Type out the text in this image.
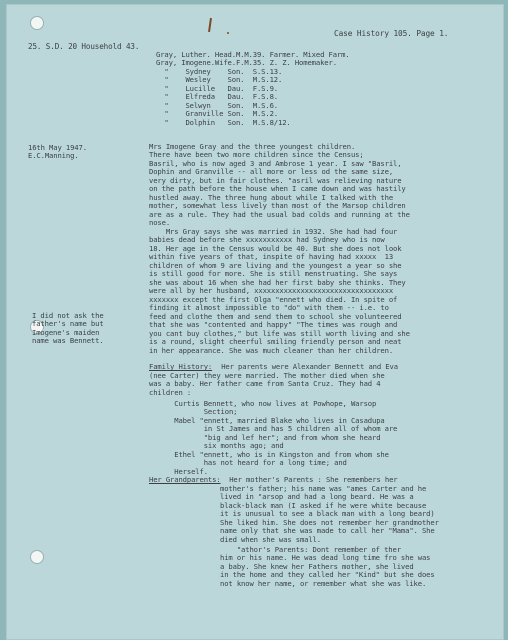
Case History 105. Page 1.
25. S.D. 20 Household 43.
Gray, Luther. Head.M.M.39. Farmer. Mixed Farm.
Gray, Imogene.Wife.F.M.35. Z. Z. Homemaker.
"    Sydney    Son.  S.S.13.
"    Wesley    Son.  M.S.12.
"    Lucille   Dau.  F.S.9.
"    Elfreda   Dau.  F.S.8.
"    Selwyn    Son.  M.S.6.
"    Granville Son.  M.S.2.
"    Dolphin   Son.  M.S.8/12.
16th May 1947.
E.C.Manning.
I did not ask the
father's name but
Imogene's maiden
name was Bennett.
Mrs Imogene Gray and the three youngest children.
There have been two more children since the Census;
Basril, who is now aged 3 and Ambrose 1 year. I saw "Basril,
Dophin and Granville -- all more or less od the same size,
very dirty, but in fair clothes. "asril was relieving nature
on the path before the house when I came down and was hastily
hustled away. The three hung about while I talked with the
mother, somewhat less lively than most of the Marsop children
are as a rule. They had the usual bad colds and running at the
nose.
Mrs Gray says she was married in 1932. She had had four
babies dead before she xxxxxxxxxxx had Sydney who is now
18. Her age in the Census would be 40. But she does not look
within five years of that, inspite of having had xxxxx  13
children of whom 9 are living and the youngest a year so she
is still good for more. She is still menstruating. She says
she was about 16 when she had her first baby she thinks. They
were all by her husband, xxxxxxxxxxxxxxxxxxxxxxxxxxxxxxxxx
xxxxxxx except the first Olga "ennett who died. In spite of
finding it almost impossible to "do" with them -- i.e. to
feed and clothe them and send them to school she volunteered
that she was "contented and happy" "The times was rough and
you cant buy clothes," but life was still worth living and she
is a round, slight cheerful smiling friendly person and neat
in her appearance. She was much cleaner than her children.
Family History: Her parents were Alexander Bennett and Eva
(nee Carter) they were married. The mother died when she
was a baby. Her father came from Santa Cruz. They had 4
children :
Curtis Bennett, who now lives at Powhope, Warsop
Section;
Mabel "ennett, married Blake who lives in Casadupa
in St James and has 5 children all of whom are
"big and lef her"; and from whom she heard
six months ago; and
Ethel "ennett, who is in Kingston and from whom she
has not heard for a long time; and
Herself.
Her Grandparents: Her mother's Parents : She remembers her
mother's father; his name was "ames Carter and he
lived in "arsop and had a long beard. He was a
black-black man (I asked if he were white because
it is unusual to see a black man with a long beard)
She liked him. She does not remember her grandmother
name only that she was made to call her "Mama". She
died when she was small.
"athor's Parents: Dont remember of ther
him or his name. He was dead long time fro she was
a baby. She knew her Fathers mother, she lived
in the home and they called her "Kind" but she does
not know her name, or remember what she was like.
